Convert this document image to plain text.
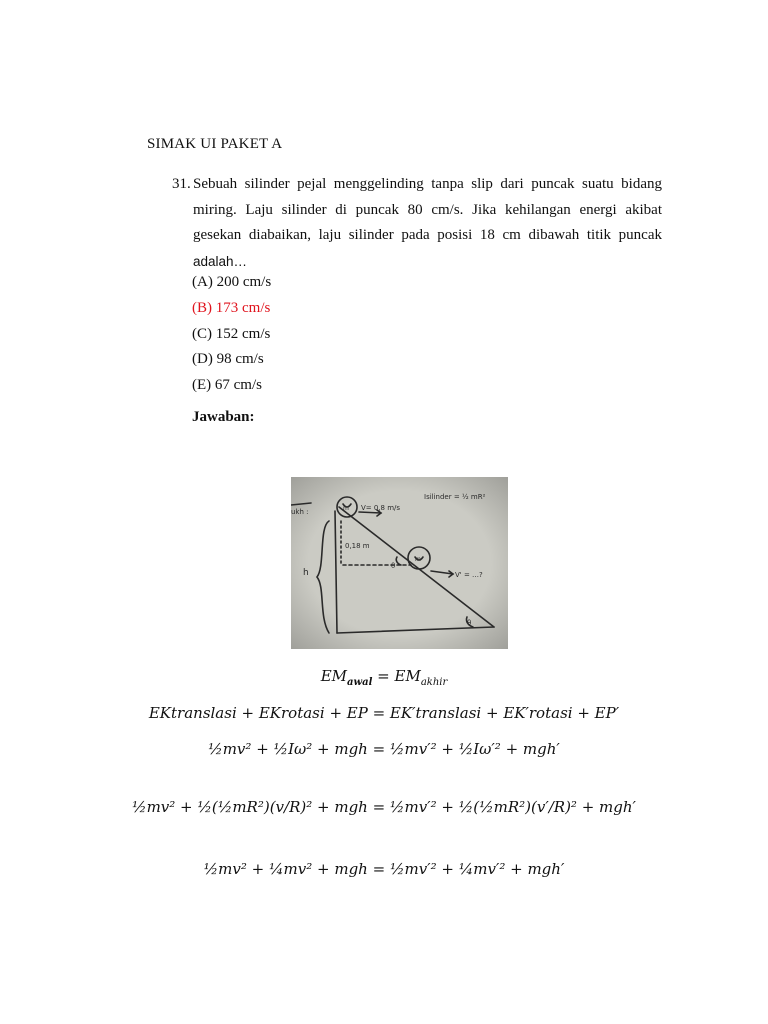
SIMAK UI PAKET A
31. Sebuah silinder pejal menggelinding tanpa slip dari puncak suatu bidang miring. Laju silinder di puncak 80 cm/s. Jika kehilangan energi akibat gesekan diabaikan, laju silinder pada posisi 18 cm dibawah titik puncak adalah…
(A) 200 cm/s
(B) 173 cm/s
(C) 152 cm/s
(D) 98 cm/s
(E) 67 cm/s
Jawaban:
Isilinder = ½ mR²
V= 0,8 m/s
0,18 m
h	V' = …?
m
m
θ
θ
ukh :
$EM_{awal} = EM_{akhir}$
EKtranslasi + EKrotasi + EP = EK′translasi + EK′rotasi + EP′
½mv² + ½Iω² + mgh = ½mv′² + ½Iω′² + mgh′
½mv² + ½(½mR²)(v/R)² + mgh = ½mv′² + ½(½mR²)(v′/R)² + mgh′
½mv² + ¼mv² + mgh = ½mv′² + ¼mv′² + mgh′
